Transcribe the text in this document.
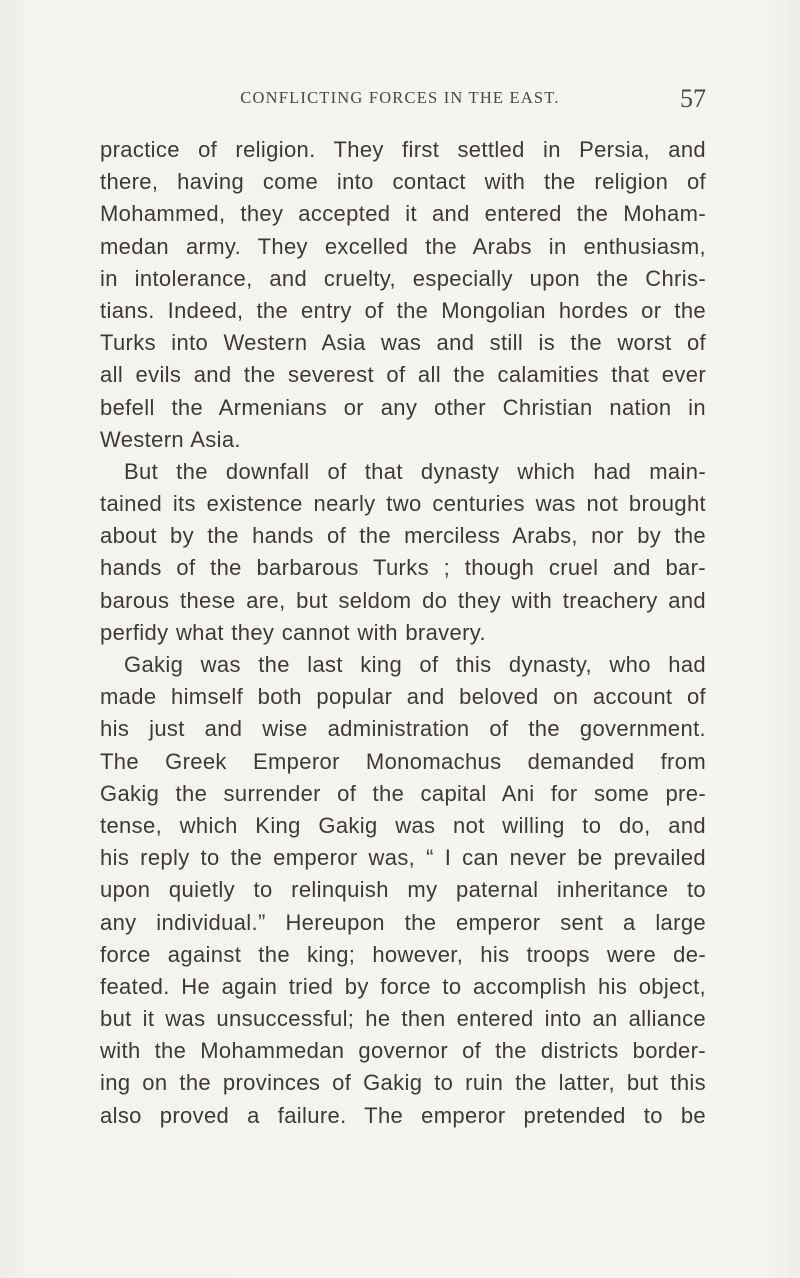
CONFLICTING FORCES IN THE EAST.	57
practice of religion. They first settled in Persia, and
there, having come into contact with the religion of
Mohammed, they accepted it and entered the Moham-
medan army. They excelled the Arabs in enthusiasm,
in intolerance, and cruelty, especially upon the Chris-
tians. Indeed, the entry of the Mongolian hordes or the
Turks into Western Asia was and still is the worst of
all evils and the severest of all the calamities that ever
befell the Armenians or any other Christian nation in
Western Asia.
But the downfall of that dynasty which had main-
tained its existence nearly two centuries was not brought
about by the hands of the merciless Arabs, nor by the
hands of the barbarous Turks ; though cruel and bar-
barous these are, but seldom do they with treachery and
perfidy what they cannot with bravery.
Gakig was the last king of this dynasty, who had
made himself both popular and beloved on account of
his just and wise administration of the government.
The Greek Emperor Monomachus demanded from
Gakig the surrender of the capital Ani for some pre-
tense, which King Gakig was not willing to do, and
his reply to the emperor was, “ I can never be prevailed
upon quietly to relinquish my paternal inheritance to
any individual.” Hereupon the emperor sent a large
force against the king; however, his troops were de-
feated. He again tried by force to accomplish his object,
but it was unsuccessful; he then entered into an alliance
with the Mohammedan governor of the districts border-
ing on the provinces of Gakig to ruin the latter, but this
also proved a failure. The emperor pretended to be
